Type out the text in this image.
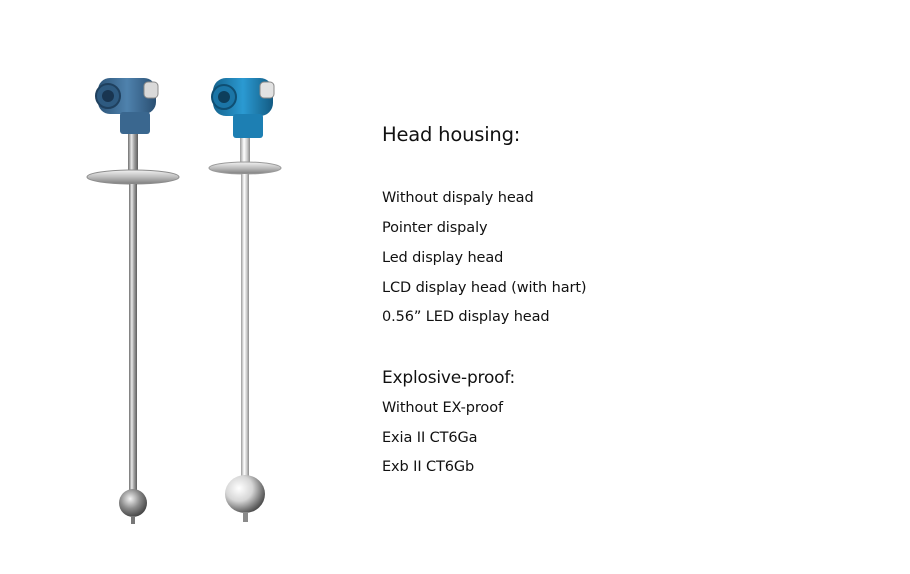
Head housing:
Without dispaly head
Pointer dispaly
Led display head
LCD display head (with hart)
0.56” LED display head
Explosive-proof:
Without EX-proof
Exia II CT6Ga
Exb II CT6Gb
